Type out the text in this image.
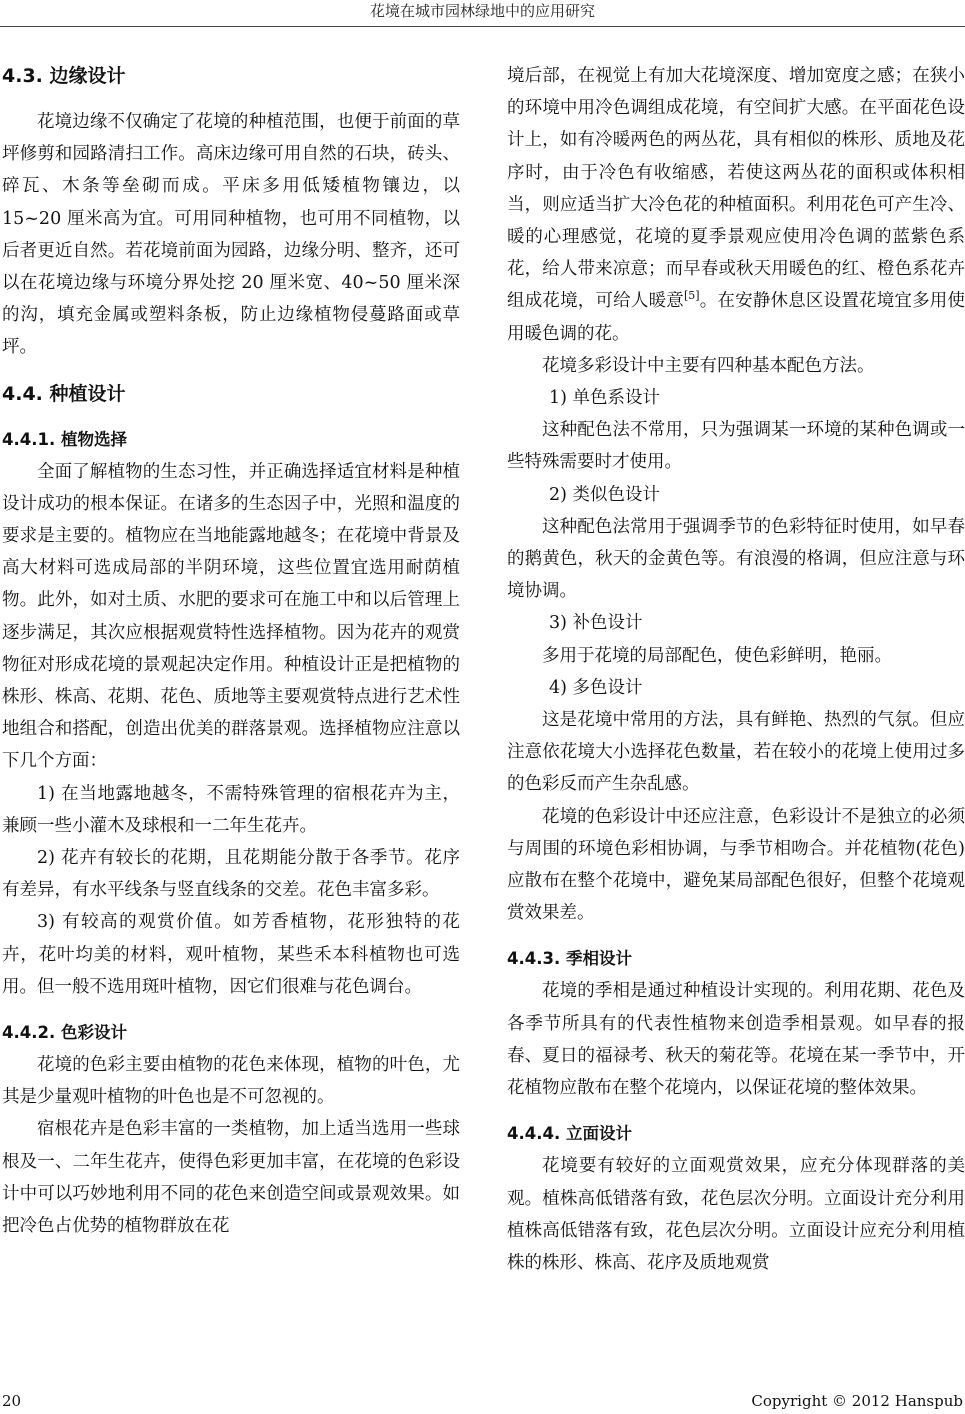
花境在城市园林绿地中的应用研究
4.3. 边缘设计

花境边缘不仅确定了花境的种植范围，也便于前面的草坪修剪和园路清扫工作。高床边缘可用自然的石块，砖头、碎瓦、木条等垒砌而成。平床多用低矮植物镶边，以 15~20 厘米高为宜。可用同种植物，也可用不同植物，以后者更近自然。若花境前面为园路，边缘分明、整齐，还可以在花境边缘与环境分界处挖 20 厘米宽、40~50 厘米深的沟，填充金属或塑料条板，防止边缘植物侵蔓路面或草坪。

4.4. 种植设计
4.4.1. 植物选择

全面了解植物的生态习性，并正确选择适宜材料是种植设计成功的根本保证。在诸多的生态因子中，光照和温度的要求是主要的。植物应在当地能露地越冬；在花境中背景及高大材料可选成局部的半阴环境，这些位置宜选用耐荫植物。此外，如对土质、水肥的要求可在施工中和以后管理上逐步满足，其次应根据观赏特性选择植物。因为花卉的观赏物征对形成花境的景观起决定作用。种植设计正是把植物的株形、株高、花期、花色、质地等主要观赏特点进行艺术性地组合和搭配，创造出优美的群落景观。选择植物应注意以下几个方面：

1) 在当地露地越冬，不需特殊管理的宿根花卉为主，兼顾一些小灌木及球根和一二年生花卉。

2) 花卉有较长的花期，且花期能分散于各季节。花序有差异，有水平线条与竖直线条的交差。花色丰富多彩。

3) 有较高的观赏价值。如芳香植物，花形独特的花卉，花叶均美的材料，观叶植物，某些禾本科植物也可选用。但一般不选用斑叶植物，因它们很难与花色调台。

4.4.2. 色彩设计

花境的色彩主要由植物的花色来体现，植物的叶色，尤其是少量观叶植物的叶色也是不可忽视的。

宿根花卉是色彩丰富的一类植物，加上适当选用一些球根及一、二年生花卉，使得色彩更加丰富，在花境的色彩设计中可以巧妙地利用不同的花色来创造空间或景观效果。如把冷色占优势的植物群放在花

境后部，在视觉上有加大花境深度、增加宽度之感；在狭小的环境中用冷色调组成花境，有空间扩大感。在平面花色设计上，如有冷暖两色的两丛花，具有相似的株形、质地及花序时，由于冷色有收缩感，若使这两丛花的面积或体积相当，则应适当扩大冷色花的种植面积。利用花色可产生冷、暖的心理感觉，花境的夏季景观应使用冷色调的蓝紫色系花，给人带来凉意；而早春或秋天用暖色的红、橙色系花卉组成花境，可给人暖意[5]。在安静休息区设置花境宜多用使用暖色调的花。

花境多彩设计中主要有四种基本配色方法。

1) 单色系设计

这种配色法不常用，只为强调某一环境的某种色调或一些特殊需要时才使用。

2) 类似色设计

这种配色法常用于强调季节的色彩特征时使用，如早春的鹅黄色，秋天的金黄色等。有浪漫的格调，但应注意与环境协调。

3) 补色设计

多用于花境的局部配色，使色彩鲜明，艳丽。

4) 多色设计

这是花境中常用的方法，具有鲜艳、热烈的气氛。但应注意依花境大小选择花色数量，若在较小的花境上使用过多的色彩反而产生杂乱感。

花境的色彩设计中还应注意，色彩设计不是独立的必须与周围的环境色彩相协调，与季节相吻合。并花植物(花色)应散布在整个花境中，避免某局部配色很好，但整个花境观赏效果差。

4.4.3. 季相设计

花境的季相是通过种植设计实现的。利用花期、花色及各季节所具有的代表性植物来创造季相景观。如早春的报春、夏日的福禄考、秋天的菊花等。花境在某一季节中，开花植物应散布在整个花境内，以保证花境的整体效果。

4.4.4. 立面设计

花境要有较好的立面观赏效果，应充分体现群落的美观。植株高低错落有致，花色层次分明。立面设计充分利用植株高低错落有致，花色层次分明。立面设计应充分利用植株的株形、株高、花序及质地观赏

20	Copyright © 2012 Hanspub
